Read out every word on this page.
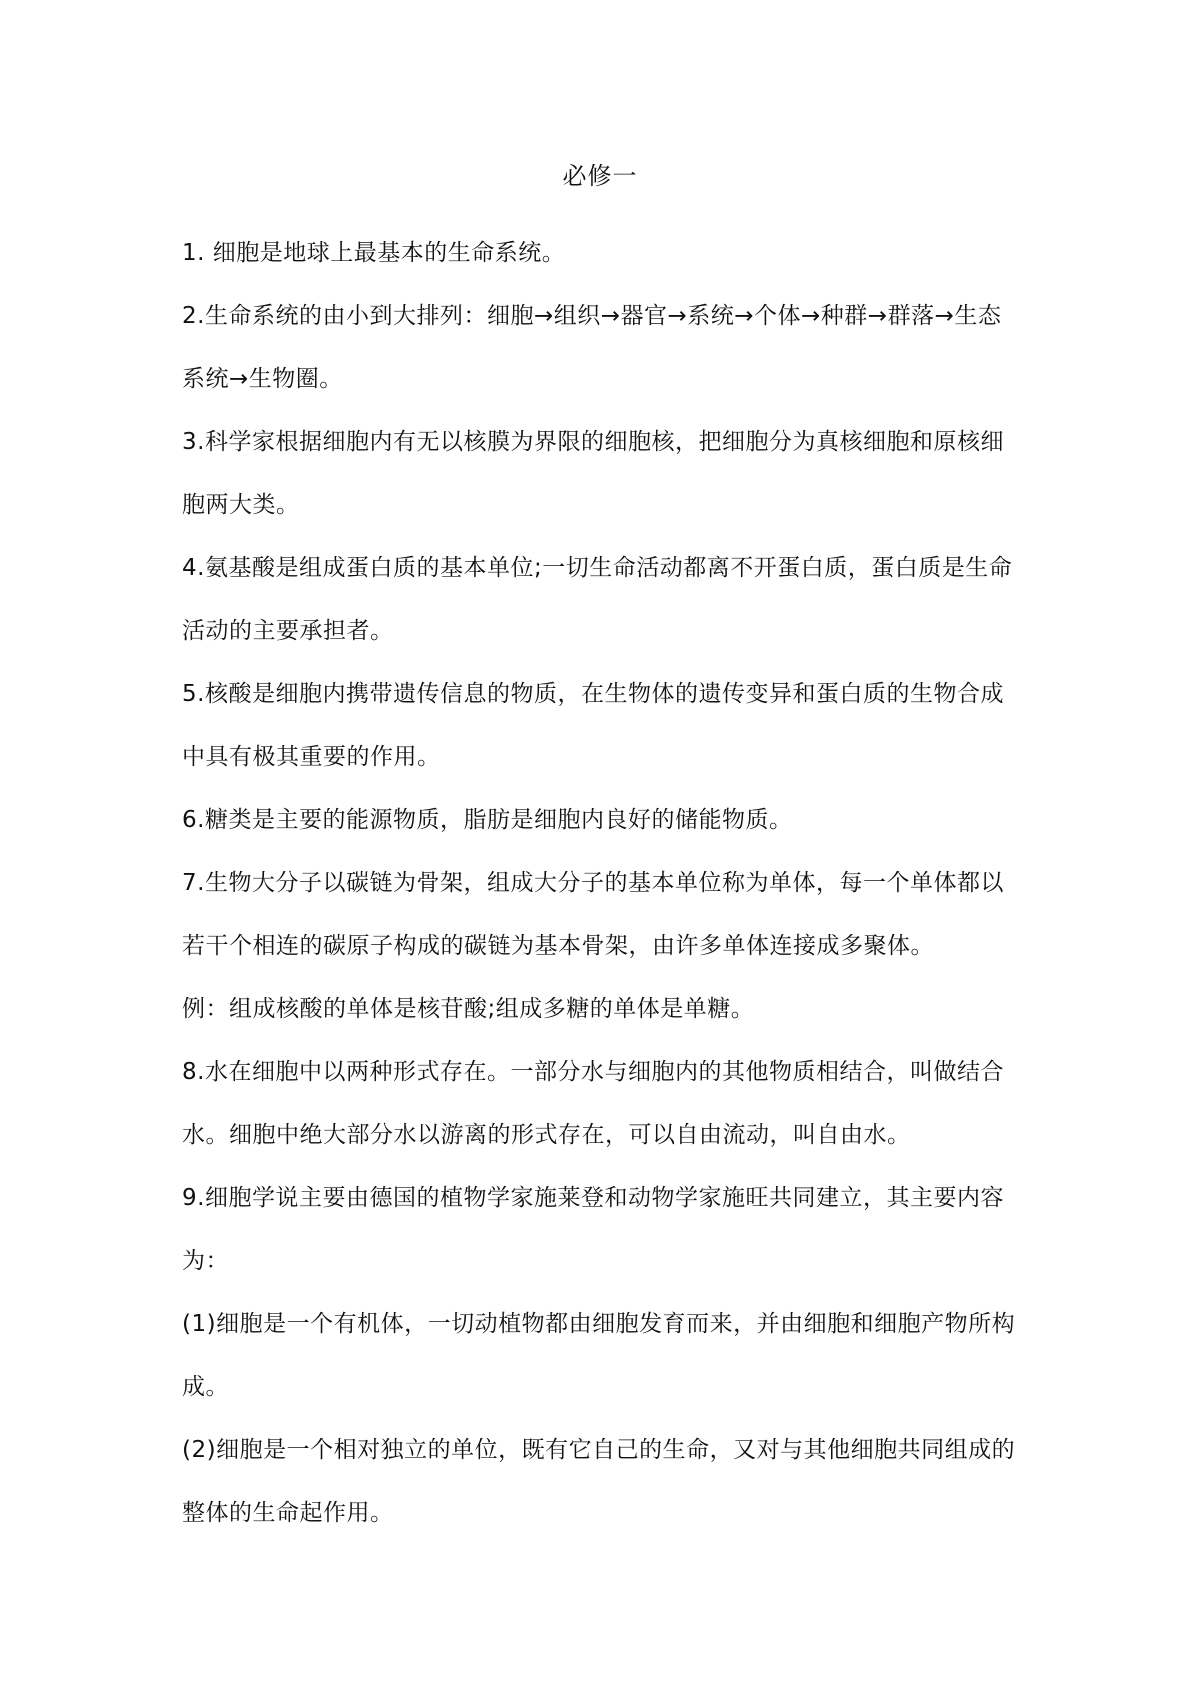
必修一

1. 细胞是地球上最基本的生命系统。

2.生命系统的由小到大排列：细胞→组织→器官→系统→个体→种群→群落→生态系统→生物圈。

3.科学家根据细胞内有无以核膜为界限的细胞核，把细胞分为真核细胞和原核细胞两大类。

4.氨基酸是组成蛋白质的基本单位;一切生命活动都离不开蛋白质，蛋白质是生命活动的主要承担者。

5.核酸是细胞内携带遗传信息的物质，在生物体的遗传变异和蛋白质的生物合成中具有极其重要的作用。

6.糖类是主要的能源物质，脂肪是细胞内良好的储能物质。

7.生物大分子以碳链为骨架，组成大分子的基本单位称为单体，每一个单体都以若干个相连的碳原子构成的碳链为基本骨架，由许多单体连接成多聚体。

例：组成核酸的单体是核苷酸;组成多糖的单体是单糖。

8.水在细胞中以两种形式存在。一部分水与细胞内的其他物质相结合，叫做结合水。细胞中绝大部分水以游离的形式存在，可以自由流动，叫自由水。

9.细胞学说主要由德国的植物学家施莱登和动物学家施旺共同建立，其主要内容为：

(1)细胞是一个有机体，一切动植物都由细胞发育而来，并由细胞和细胞产物所构成。

(2)细胞是一个相对独立的单位，既有它自己的生命，又对与其他细胞共同组成的整体的生命起作用。
